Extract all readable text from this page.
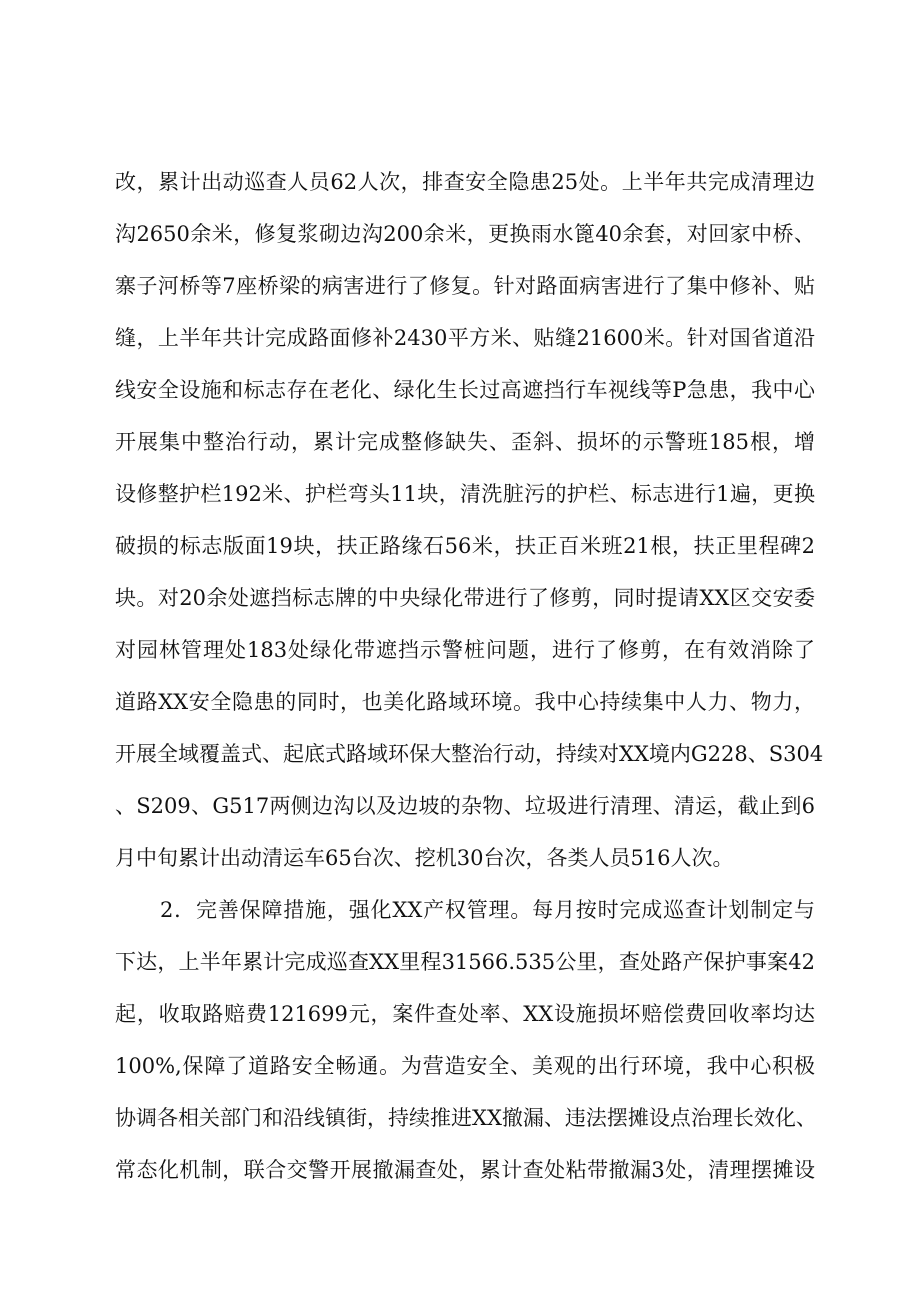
改，累计出动巡查人员62人次，排查安全隐患25处。上半年共完成清理边
沟2650余米，修复浆砌边沟200余米，更换雨水篦40余套，对回家中桥、
寨子河桥等7座桥梁的病害进行了修复。针对路面病害进行了集中修补、贴
缝，上半年共计完成路面修补2430平方米、贴缝21600米。针对国省道沿
线安全设施和标志存在老化、绿化生长过高遮挡行车视线等P急患，我中心
开展集中整治行动，累计完成整修缺失、歪斜、损坏的示警班185根，增
设修整护栏192米、护栏弯头11块，清洗脏污的护栏、标志进行1遍，更换
破损的标志版面19块，扶正路缘石56米，扶正百米班21根，扶正里程碑2
块。对20余处遮挡标志牌的中央绿化带进行了修剪，同时提请XX区交安委
对园林管理处183处绿化带遮挡示警桩问题，进行了修剪，在有效消除了
道路XX安全隐患的同时，也美化路域环境。我中心持续集中人力、物力，
开展全域覆盖式、起底式路域环保大整治行动，持续对XX境内G228、S304
、S209、G517两侧边沟以及边坡的杂物、垃圾进行清理、清运，截止到6
月中旬累计出动清运车65台次、挖机30台次，各类人员516人次。
2．完善保障措施，强化XX产权管理。每月按时完成巡查计划制定与
下达，上半年累计完成巡查XX里程31566.535公里，查处路产保护事案42
起，收取路赔费121699元，案件查处率、XX设施损坏赔偿费回收率均达
100%,保障了道路安全畅通。为营造安全、美观的出行环境，我中心积极
协调各相关部门和沿线镇街，持续推进XX撤漏、违法摆摊设点治理长效化、
常态化机制，联合交警开展撤漏查处，累计查处粘带撤漏3处，清理摆摊设
